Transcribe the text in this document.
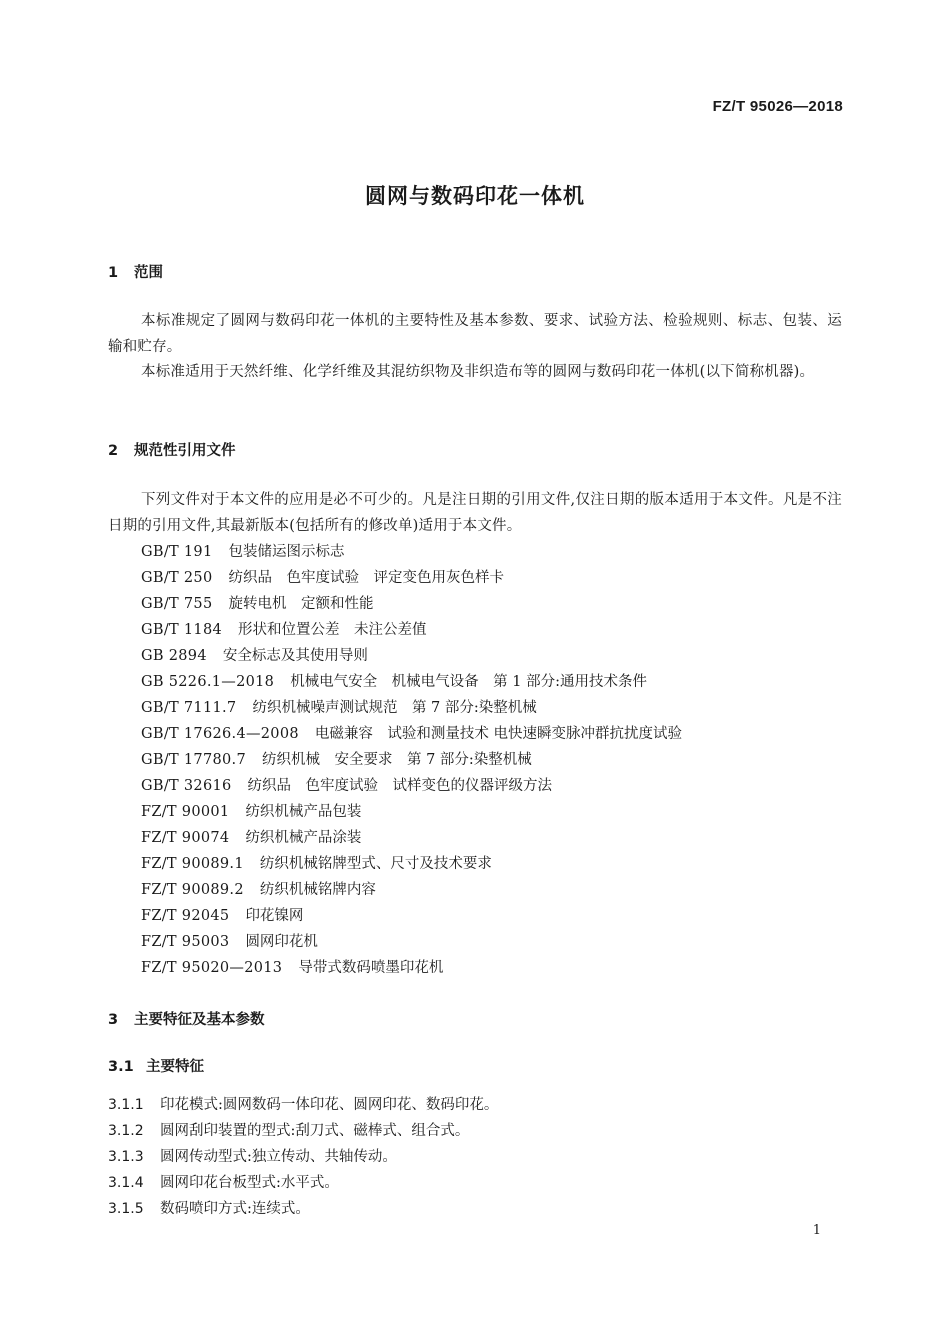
FZ/T 95026—2018
圆网与数码印花一体机
1 范围
本标准规定了圆网与数码印花一体机的主要特性及基本参数、要求、试验方法、检验规则、标志、包装、运输和贮存。
本标准适用于天然纤维、化学纤维及其混纺织物及非织造布等的圆网与数码印花一体机(以下简称机器)。
2 规范性引用文件
下列文件对于本文件的应用是必不可少的。凡是注日期的引用文件,仅注日期的版本适用于本文件。凡是不注日期的引用文件,其最新版本(包括所有的修改单)适用于本文件。
GB/T 191 包装储运图示标志
GB/T 250 纺织品　色牢度试验　评定变色用灰色样卡
GB/T 755 旋转电机　定额和性能
GB/T 1184 形状和位置公差　未注公差值
GB 2894 安全标志及其使用导则
GB 5226.1—2018 机械电气安全　机械电气设备　第 1 部分:通用技术条件
GB/T 7111.7 纺织机械噪声测试规范　第 7 部分:染整机械
GB/T 17626.4—2008 电磁兼容　试验和测量技术 电快速瞬变脉冲群抗扰度试验
GB/T 17780.7 纺织机械　安全要求　第 7 部分:染整机械
GB/T 32616 纺织品　色牢度试验　试样变色的仪器评级方法
FZ/T 90001 纺织机械产品包装
FZ/T 90074 纺织机械产品涂装
FZ/T 90089.1 纺织机械铭牌型式、尺寸及技术要求
FZ/T 90089.2 纺织机械铭牌内容
FZ/T 92045 印花镍网
FZ/T 95003 圆网印花机
FZ/T 95020—2013 导带式数码喷墨印花机
3 主要特征及基本参数
3.1 主要特征
3.1.1 印花模式:圆网数码一体印花、圆网印花、数码印花。
3.1.2 圆网刮印装置的型式:刮刀式、磁棒式、组合式。
3.1.3 圆网传动型式:独立传动、共轴传动。
3.1.4 圆网印花台板型式:水平式。
3.1.5 数码喷印方式:连续式。
1
